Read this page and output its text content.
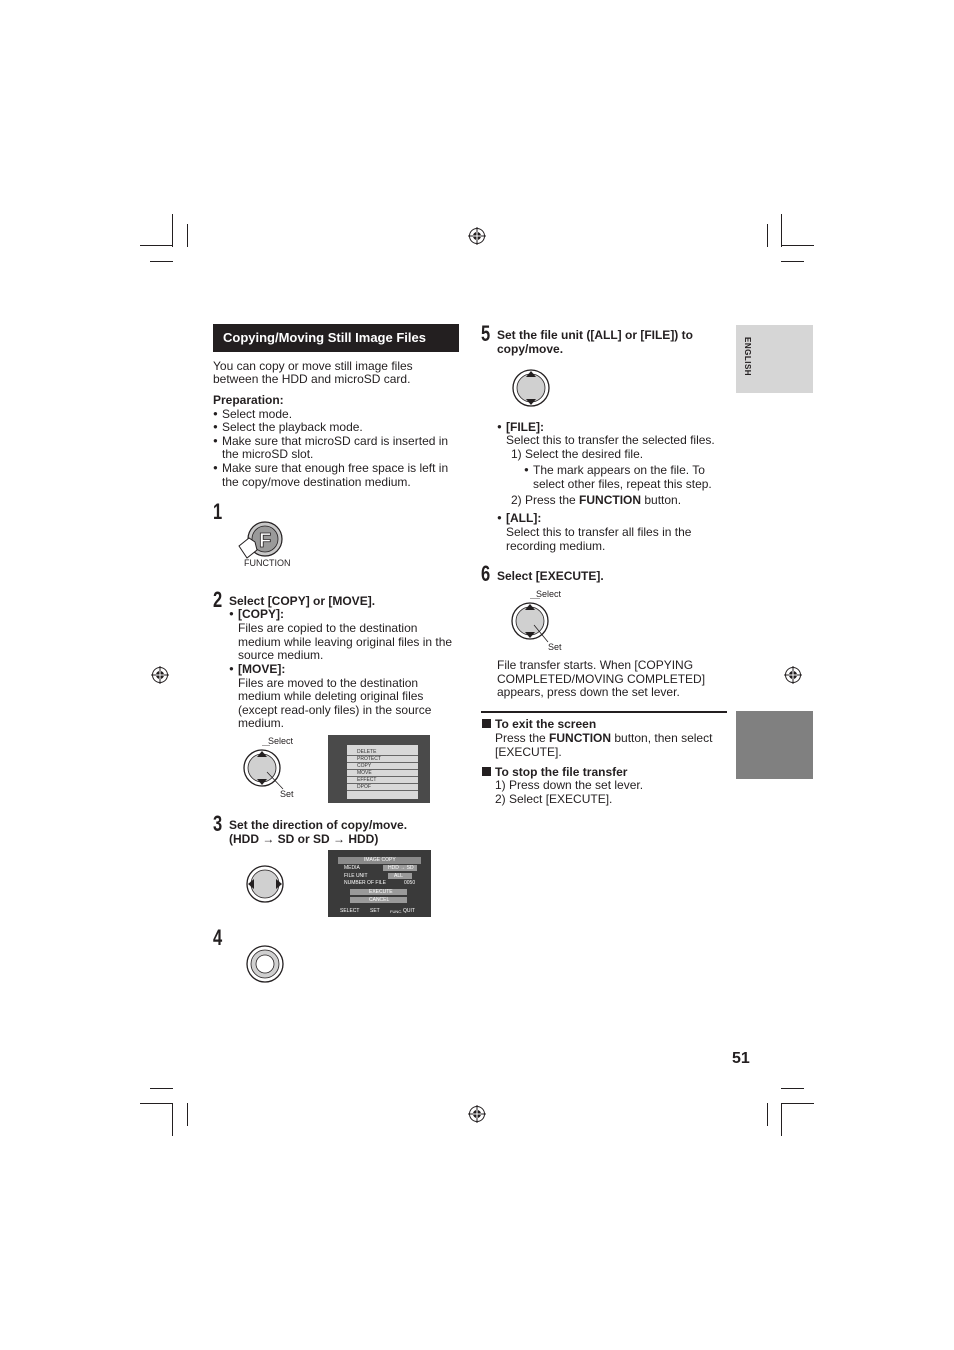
ENGLISH
Copying/Moving Still Image Files
You can copy or move still image files
between the HDD and microSD card.
Preparation:
● Select mode.
● Select the playback mode.
● Make sure that microSD card is inserted in
the microSD slot.
● Make sure that enough free space is left in
the copy/move destination medium.
1
F
FUNCTION
2 Select [COPY] or [MOVE].
● [COPY]:
Files are copied to the destination
medium while leaving original files in the
source medium.
● [MOVE]:
Files are moved to the destination
medium while deleting original files
(except read-only files) in the source
medium.
Select
Set
DELETE
PROTECT
COPY
MOVE
EFFECT
DPOF
3 Set the direction of copy/move.
(HDD → SD or SD → HDD)
IMAGE COPY
MEDIA	HDD → SD
FILE UNIT	ALL
NUMBER OF FILE	0050
EXECUTE
CANCEL
SELECT SET	FUNC. QUIT
4
5 Set the file unit ([ALL] or [FILE]) to
copy/move.
● [FILE]:
Select this to transfer the selected files.
1) Select the desired file.
● The mark appears on the file. To
select other files, repeat this step.
2) Press the FUNCTION button.
● [ALL]:
Select this to transfer all files in the
recording medium.
6 Select [EXECUTE].
Select
Set
File transfer starts. When [COPYING
COMPLETED/MOVING COMPLETED]
appears, press down the set lever.
To exit the screen
Press the FUNCTION button, then select
[EXECUTE].
To stop the file transfer
1) Press down the set lever.
2) Select [EXECUTE].
51
